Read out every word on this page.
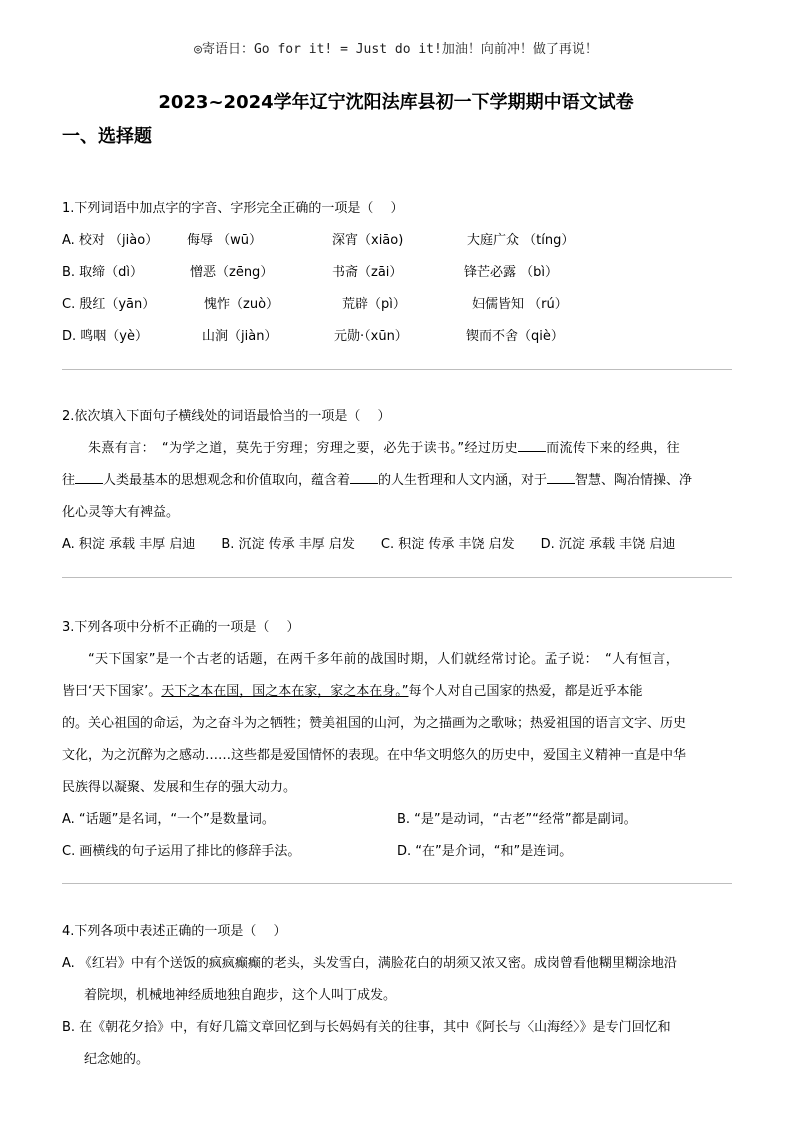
◎寄语日：Go for it! = Just do it!加油！向前冲！做了再说！
2023~2024学年辽宁沈阳法库县初一下学期期中语文试卷
一、选择题
1.下列词语中加点字的字音、字形完全正确的一项是（　 ）
A. 校对 （jiào）	侮辱 （wū）	深宵（xiāo)	大庭广众 （tíng）
B. 取缔（dì）	憎恶（zēng）	书斋（zāi）	锋芒必露 （bì）
C. 殷红（yān）	愧怍（zuò）	荒辟（pì）	妇儒皆知 （rú）
D. 鸣咽（yè）	山涧（jiàn）	元勋·（xūn）	锲而不舍（qiè）
2.依次填入下面句子横线处的词语最恰当的一项是（　 ）
朱熹有言：　“为学之道，莫先于穷理；穷理之要，必先于读书。”经过历史 而流传下来的经典，往
往 人类最基本的思想观念和价值取向，蕴含着 的人生哲理和人文内涵，对于 智慧、陶冶情操、净
化心灵等大有裨益。
A. 积淀 承载 丰厚 启迪　　B. 沉淀 传承 丰厚 启发　　C. 积淀 传承 丰饶 启发　　D. 沉淀 承载 丰饶 启迪
3.下列各项中分析不正确的一项是（　 ）
“天下国家”是一个古老的话题，在两千多年前的战国时期，人们就经常讨论。孟子说：　“人有恒言，
皆曰‘天下国家’。天下之本在国，国之本在家，家之本在身。”每个人对自己国家的热爱，都是近乎本能
的。关心祖国的命运，为之奋斗为之牺牲；赞美祖国的山河，为之描画为之歌咏；热爱祖国的语言文字、历史
文化，为之沉醉为之感动……这些都是爱国情怀的表现。在中华文明悠久的历史中，爱国主义精神一直是中华
民族得以凝聚、发展和生存的强大动力。
A. “话题”是名词，“一个”是数量词。	B. “是”是动词，“古老”“经常”都是副词。
C. 画横线的句子运用了排比的修辞手法。	D. “在”是介词，“和”是连词。
4.下列各项中表述正确的一项是（　 ）
A. 《红岩》中有个送饭的疯疯癫癫的老头，头发雪白，满脸花白的胡须又浓又密。成岗曾看他糊里糊涂地沿
着院坝，机械地神经质地独自跑步，这个人叫丁成发。
B. 在《朝花夕拾》中，有好几篇文章回忆到与长妈妈有关的往事，其中《阿长与〈山海经〉》是专门回忆和
纪念她的。
